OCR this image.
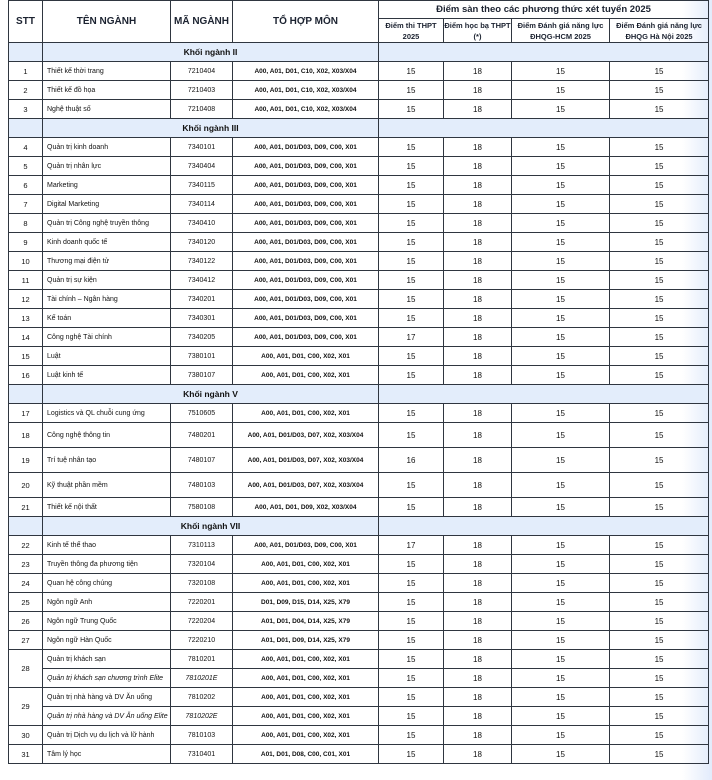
STT	TÊN NGÀNH	MÃ NGÀNH	TỔ HỢP MÔN	Điểm sàn theo các phương thức xét tuyển 2025			
				Điểm thi THPT 2025	Điểm học bạ THPT (*)	Điểm Đánh giá năng lực ĐHQG-HCM 2025	Điểm Đánh giá năng lực ĐHQG Hà Nội 2025
	Khối ngành II						
1	Thiết kế thời trang	7210404	A00, A01, D01, C10, X02, X03/X04	15	18	15	15
2	Thiết kế đồ họa	7210403	A00, A01, D01, C10, X02, X03/X04	15	18	15	15
3	Nghệ thuật số	7210408	A00, A01, D01, C10, X02, X03/X04	15	18	15	15
	Khối ngành III						
4	Quản trị kinh doanh	7340101	A00, A01, D01/D03, D09, C00, X01	15	18	15	15
5	Quản trị nhân lực	7340404	A00, A01, D01/D03, D09, C00, X01	15	18	15	15
6	Marketing	7340115	A00, A01, D01/D03, D09, C00, X01	15	18	15	15
7	Digital Marketing	7340114	A00, A01, D01/D03, D09, C00, X01	15	18	15	15
8	Quản trị Công nghệ truyền thông	7340410	A00, A01, D01/D03, D09, C00, X01	15	18	15	15
9	Kinh doanh quốc tế	7340120	A00, A01, D01/D03, D09, C00, X01	15	18	15	15
10	Thương mại điện tử	7340122	A00, A01, D01/D03, D09, C00, X01	15	18	15	15
11	Quản trị sự kiện	7340412	A00, A01, D01/D03, D09, C00, X01	15	18	15	15
12	Tài chính – Ngân hàng	7340201	A00, A01, D01/D03, D09, C00, X01	15	18	15	15
13	Kế toán	7340301	A00, A01, D01/D03, D09, C00, X01	15	18	15	15
14	Công nghệ Tài chính	7340205	A00, A01, D01/D03, D09, C00, X01	17	18	15	15
15	Luật	7380101	A00, A01, D01, C00, X02, X01	15	18	15	15
16	Luật kinh tế	7380107	A00, A01, D01, C00, X02, X01	15	18	15	15
	Khối ngành V						
17	Logistics và QL chuỗi cung ứng	7510605	A00, A01, D01, C00, X02, X01	15	18	15	15
18	Công nghệ thông tin	7480201	A00, A01, D01/D03, D07, X02, X03/X04	15	18	15	15
19	Trí tuệ nhân tạo	7480107	A00, A01, D01/D03, D07, X02, X03/X04	16	18	15	15
20	Kỹ thuật phần mềm	7480103	A00, A01, D01/D03, D07, X02, X03/X04	15	18	15	15
21	Thiết kế nội thất	7580108	A00, A01, D01, D09, X02, X03/X04	15	18	15	15
	Khối ngành VII						
22	Kinh tế thể thao	7310113	A00, A01, D01/D03, D09, C00, X01	17	18	15	15
23	Truyền thông đa phương tiện	7320104	A00, A01, D01, C00, X02, X01	15	18	15	15
24	Quan hệ công chúng	7320108	A00, A01, D01, C00, X02, X01	15	18	15	15
25	Ngôn ngữ Anh	7220201	D01, D09, D15, D14, X25, X79	15	18	15	15
26	Ngôn ngữ Trung Quốc	7220204	A01, D01, D04, D14, X25, X79	15	18	15	15
27	Ngôn ngữ Hàn Quốc	7220210	A01, D01, D09, D14, X25, X79	15	18	15	15
28	Quản trị khách sạn	7810201	A00, A01, D01, C00, X02, X01	15	18	15	15
	Quản trị khách sạn chương trình Elite	7810201E	A00, A01, D01, C00, X02, X01	15	18	15	15
29	Quản trị nhà hàng và DV Ăn uống	7810202	A00, A01, D01, C00, X02, X01	15	18	15	15
	Quản trị nhà hàng và DV Ăn uống Elite	7810202E	A00, A01, D01, C00, X02, X01	15	18	15	15
30	Quản trị Dịch vụ du lịch và lữ hành	7810103	A00, A01, D01, C00, X02, X01	15	18	15	15
31	Tâm lý học	7310401	A01, D01, D08, C00, C01, X01	15	18	15	15
